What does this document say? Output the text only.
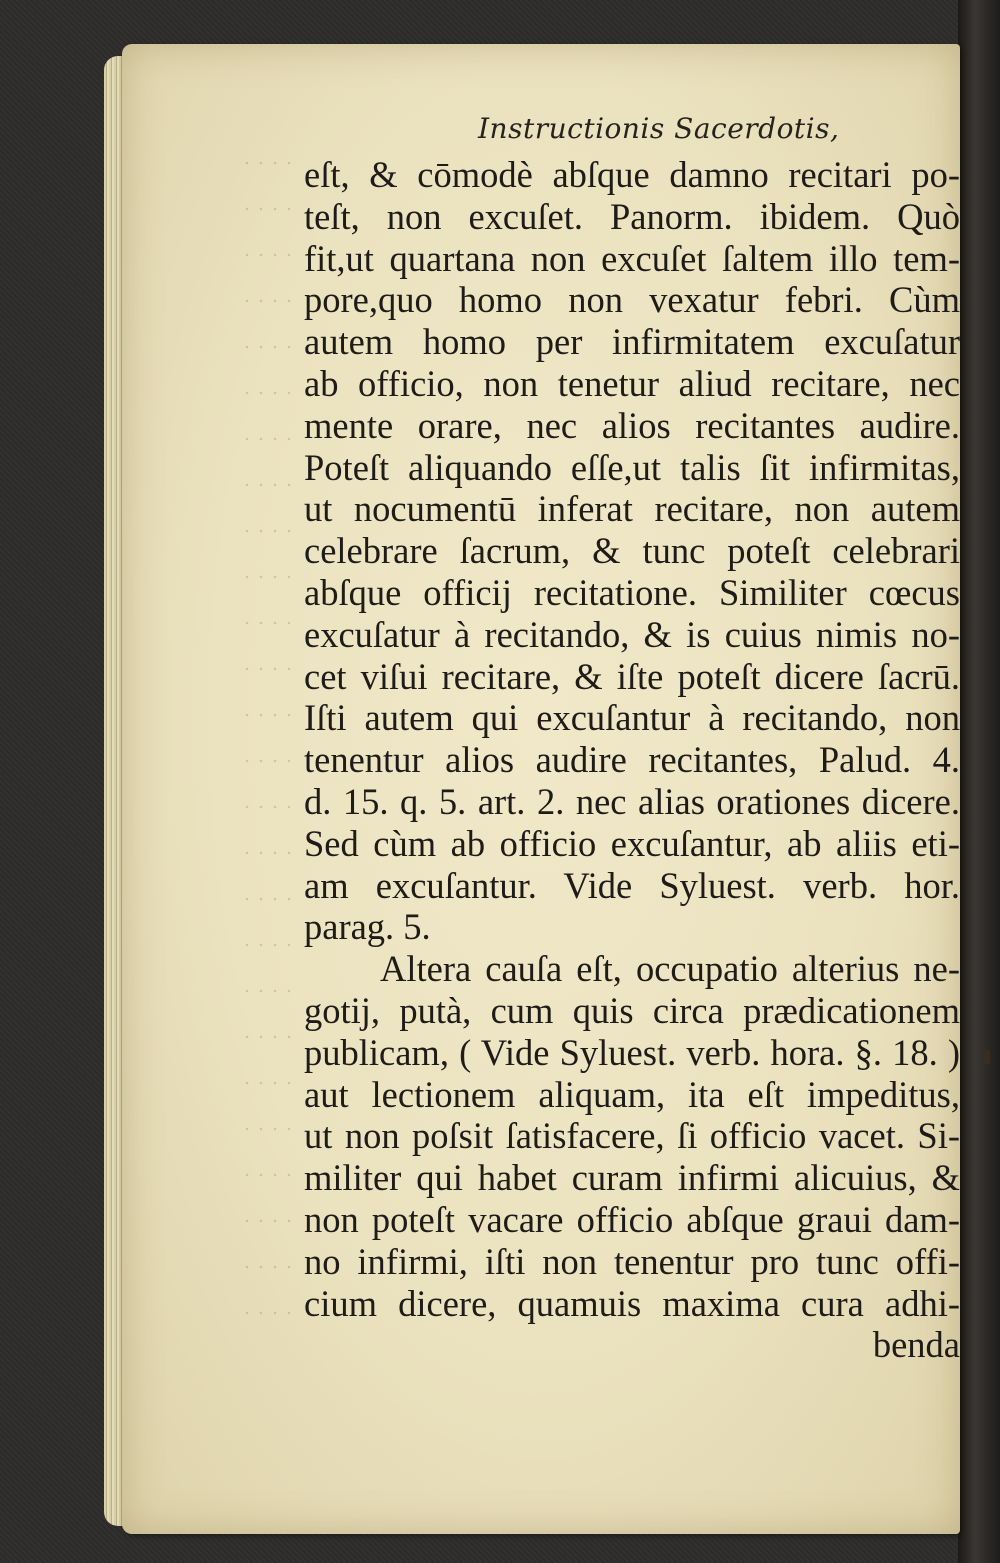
Instructionis Sacerdotis,
eſt, & cōmodè abſque damno recitari po-
teſt, non excuſet. Panorm. ibidem. Quò
fit,ut quartana non excuſet ſaltem illo tem-
pore,quo homo non vexatur febri. Cùm
autem homo per infirmitatem excuſatur
ab officio, non tenetur aliud recitare, nec
mente orare, nec alios recitantes audire.
Poteſt aliquando eſſe,ut talis ſit infirmitas,
ut nocumentū inferat recitare, non autem
celebrare ſacrum, & tunc poteſt celebrari
abſque officij recitatione. Similiter cœcus
excuſatur à recitando, & is cuius nimis no-
cet viſui recitare, & iſte poteſt dicere ſacrū.
Iſti autem qui excuſantur à recitando, non
tenentur alios audire recitantes, Palud. 4.
d. 15. q. 5. art. 2. nec alias orationes dicere.
Sed cùm ab officio excuſantur, ab aliis eti-
am excuſantur. Vide Syluest. verb. hor.
parag. 5.
Altera cauſa eſt, occupatio alterius ne-
gotij, putà, cum quis circa prædicationem
publicam, ( Vide Syluest. verb. hora. §. 18. )
aut lectionem aliquam, ita eſt impeditus,
ut non poſsit ſatisfacere, ſi officio vacet. Si-
militer qui habet curam infirmi alicuius, &
non poteſt vacare officio abſque graui dam-
no infirmi, iſti non tenentur pro tunc offi-
cium dicere, quamuis maxima cura adhi-
benda
